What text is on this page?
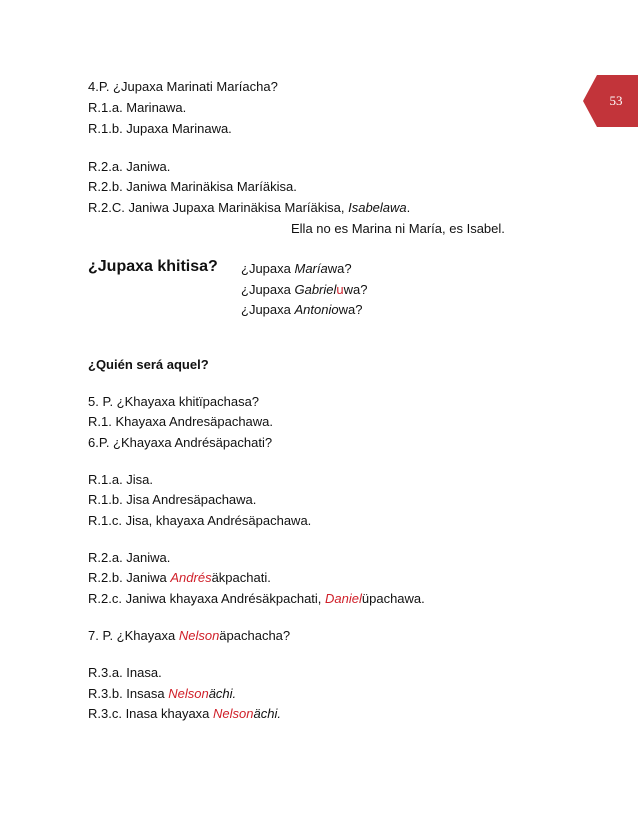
53
4.P. ¿Jupaxa Marinati Maríacha?
R.1.a. Marinawa.
R.1.b. Jupaxa Marinawa.
R.2.a. Janiwa.
R.2.b. Janiwa Marinäkisa Maríäkisa.
R.2.C. Janiwa Jupaxa Marinäkisa Maríäkisa, Isabelawa.
Ella no es Marina ni María, es Isabel.
¿Jupaxa khitisa? ¿Jupaxa Maríawa?
¿Jupaxa Gabrieluwa?
¿Jupaxa Antoniowa?
¿Quién será aquel?
5. P. ¿Khayaxa khitïpachasa?
R.1. Khayaxa Andresäpachawa.
6.P. ¿Khayaxa Andrésäpachati?
R.1.a. Jisa.
R.1.b. Jisa Andresäpachawa.
R.1.c. Jisa, khayaxa Andrésäpachawa.
R.2.a. Janiwa.
R.2.b. Janiwa Andrésäkpachati.
R.2.c. Janiwa khayaxa Andrésäkpachati, Danielüpachawa.
7. P. ¿Khayaxa Nelsonäpachacha?
R.3.a. Inasa.
R.3.b. Insasa Nelsonächi.
R.3.c. Inasa khayaxa Nelsonächi.
